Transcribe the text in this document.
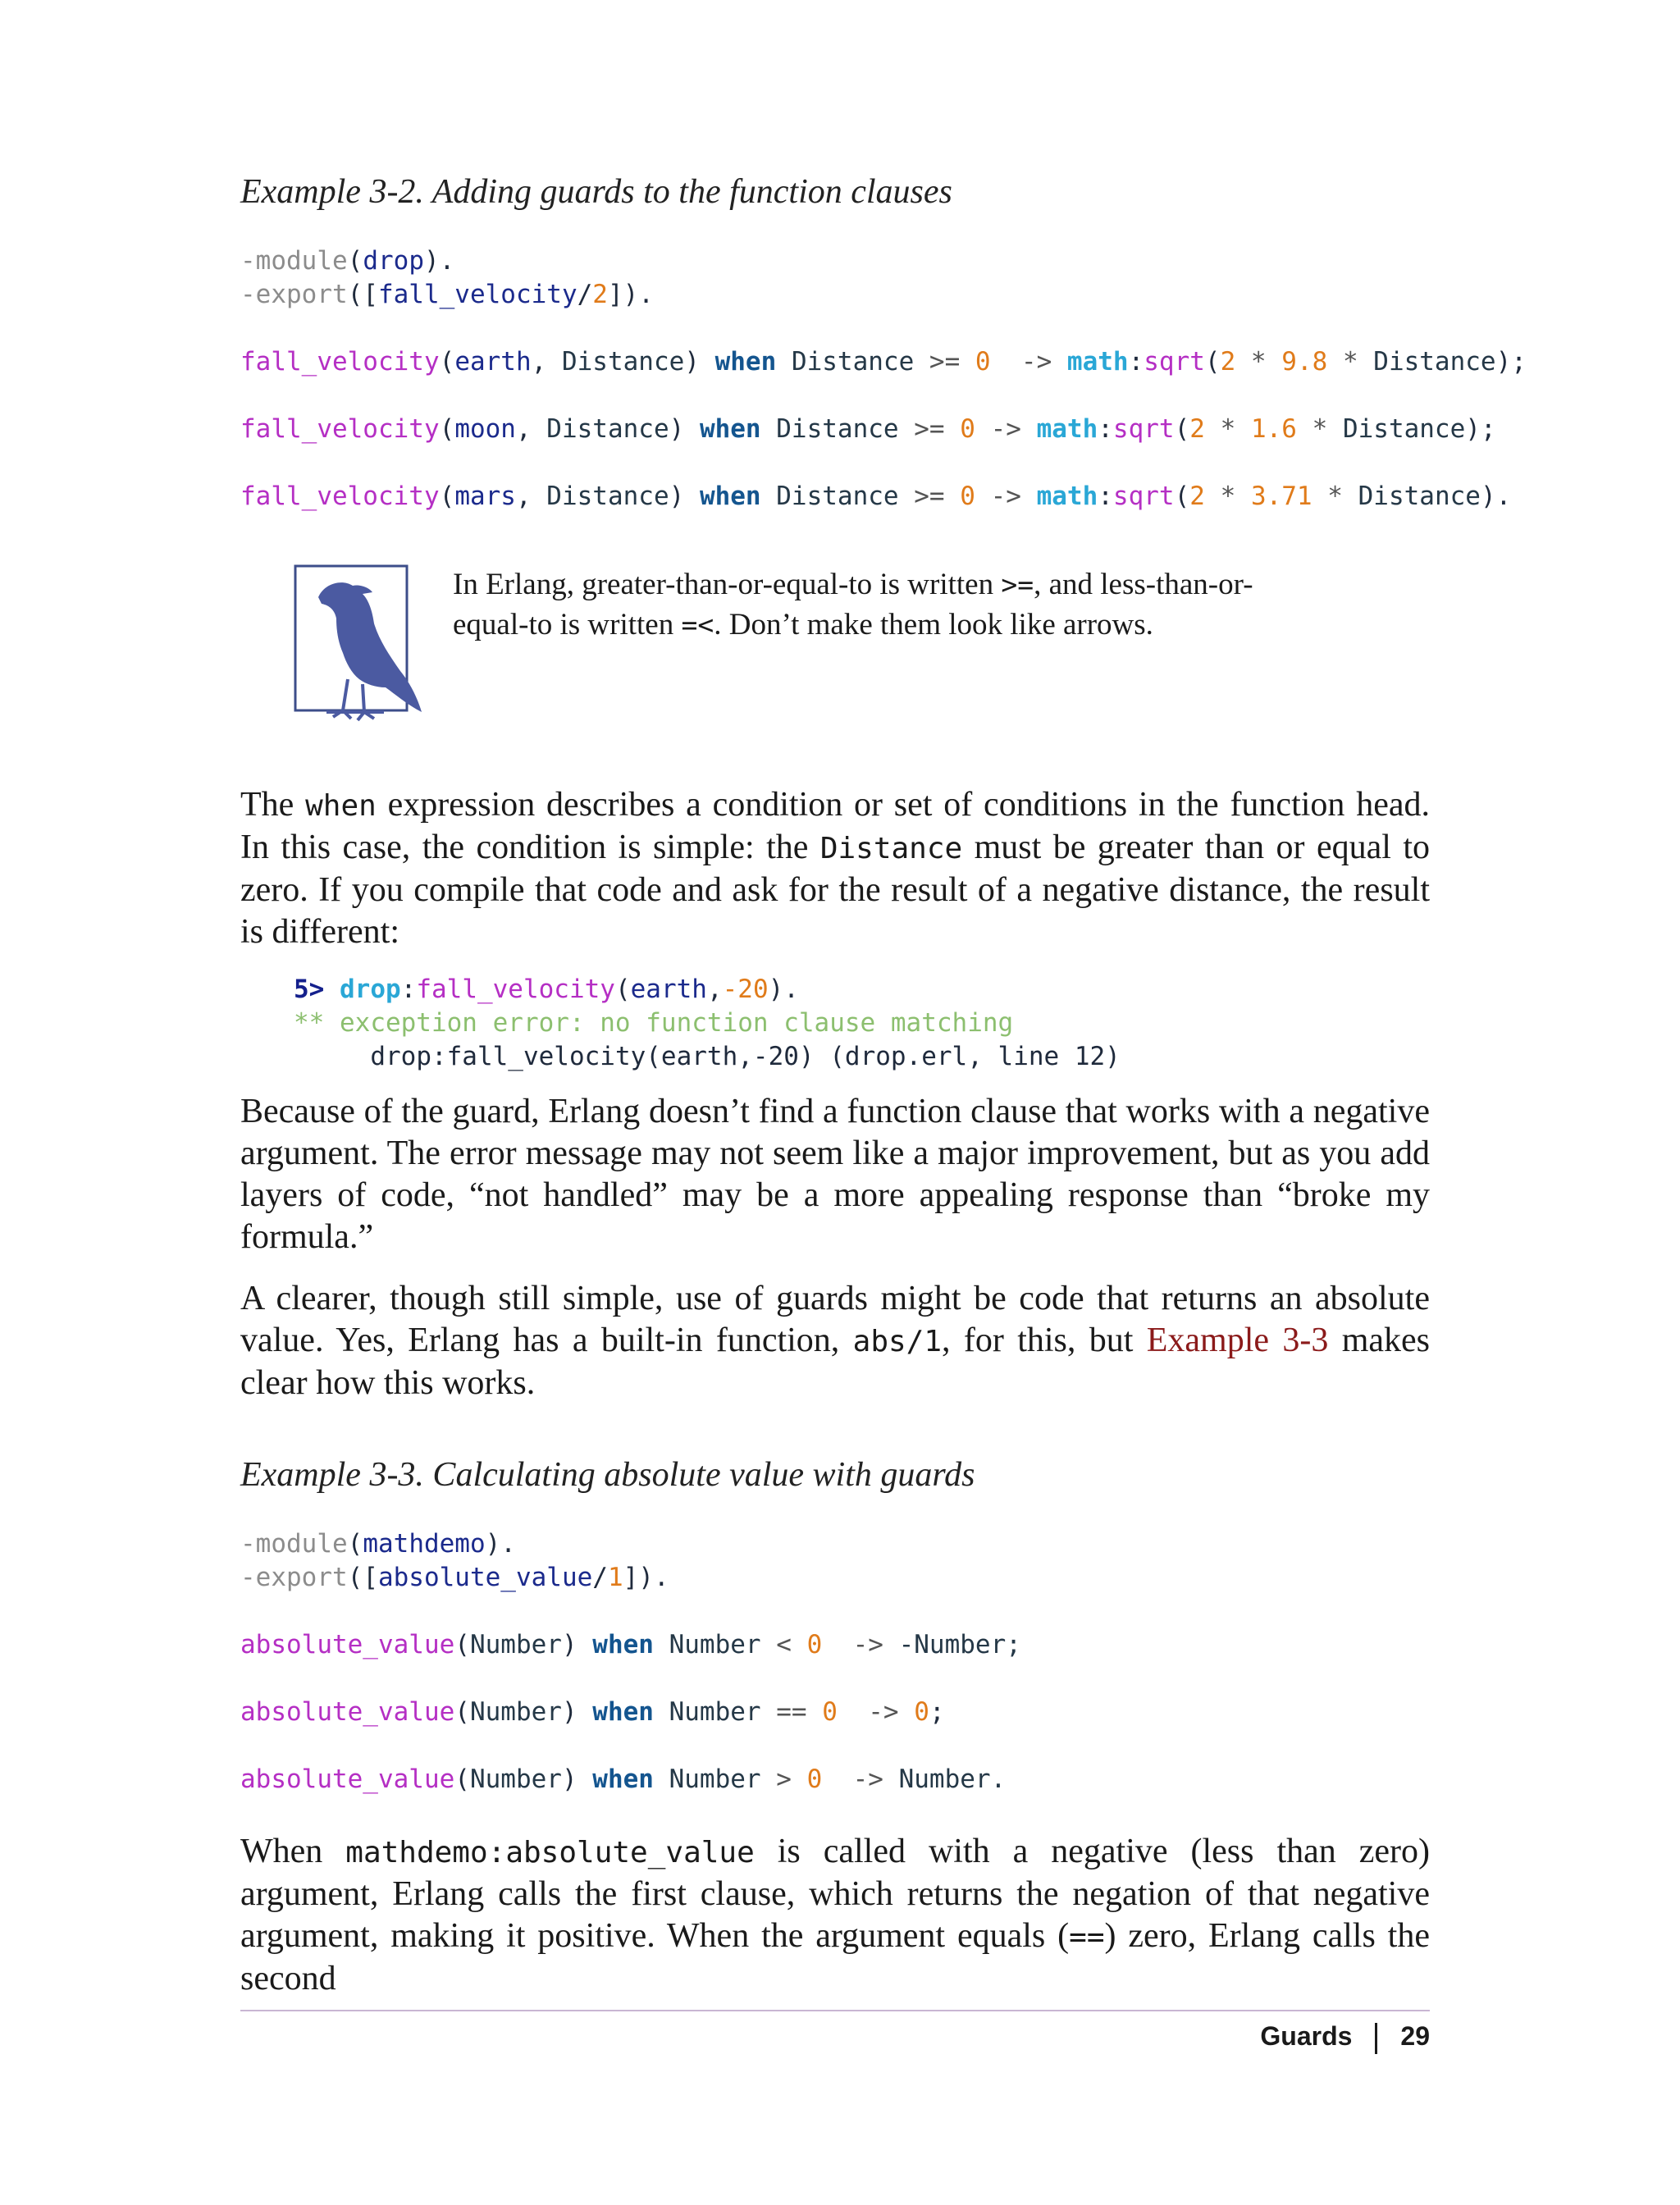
Example 3-2. Adding guards to the function clauses
-module(drop).
-export([fall_velocity/2]).

fall_velocity(earth, Distance) when Distance >= 0 -> math:sqrt(2 * 9.8 * Distance);

fall_velocity(moon, Distance) when Distance >= 0 -> math:sqrt(2 * 1.6 * Distance);

fall_velocity(mars, Distance) when Distance >= 0 -> math:sqrt(2 * 3.71 * Distance).
In Erlang, greater-than-or-equal-to is written >=, and less-than-or-
equal-to is written =<. Don’t make them look like arrows.

The when expression describes a condition or set of conditions in the function head. In this case, the condition is simple: the Distance must be greater than or equal to zero. If you compile that code and ask for the result of a negative distance, the result is different:

5> drop:fall_velocity(earth,-20).
** exception error: no function clause matching
drop:fall_velocity(earth,-20) (drop.erl, line 12)

Because of the guard, Erlang doesn’t find a function clause that works with a negative argument. The error message may not seem like a major improvement, but as you add layers of code, “not handled” may be a more appealing response than “broke my formula.”

A clearer, though still simple, use of guards might be code that returns an absolute value. Yes, Erlang has a built-in function, abs/1, for this, but Example 3-3 makes clear how this works.

Example 3-3. Calculating absolute value with guards
-module(mathdemo).
-export([absolute_value/1]).

absolute_value(Number) when Number < 0 -> -Number;

absolute_value(Number) when Number == 0 -> 0;

absolute_value(Number) when Number > 0 -> Number.

When mathdemo:absolute_value is called with a negative (less than zero) argument, Erlang calls the first clause, which returns the negation of that negative argument, making it positive. When the argument equals (==) zero, Erlang calls the second

Guards 29
